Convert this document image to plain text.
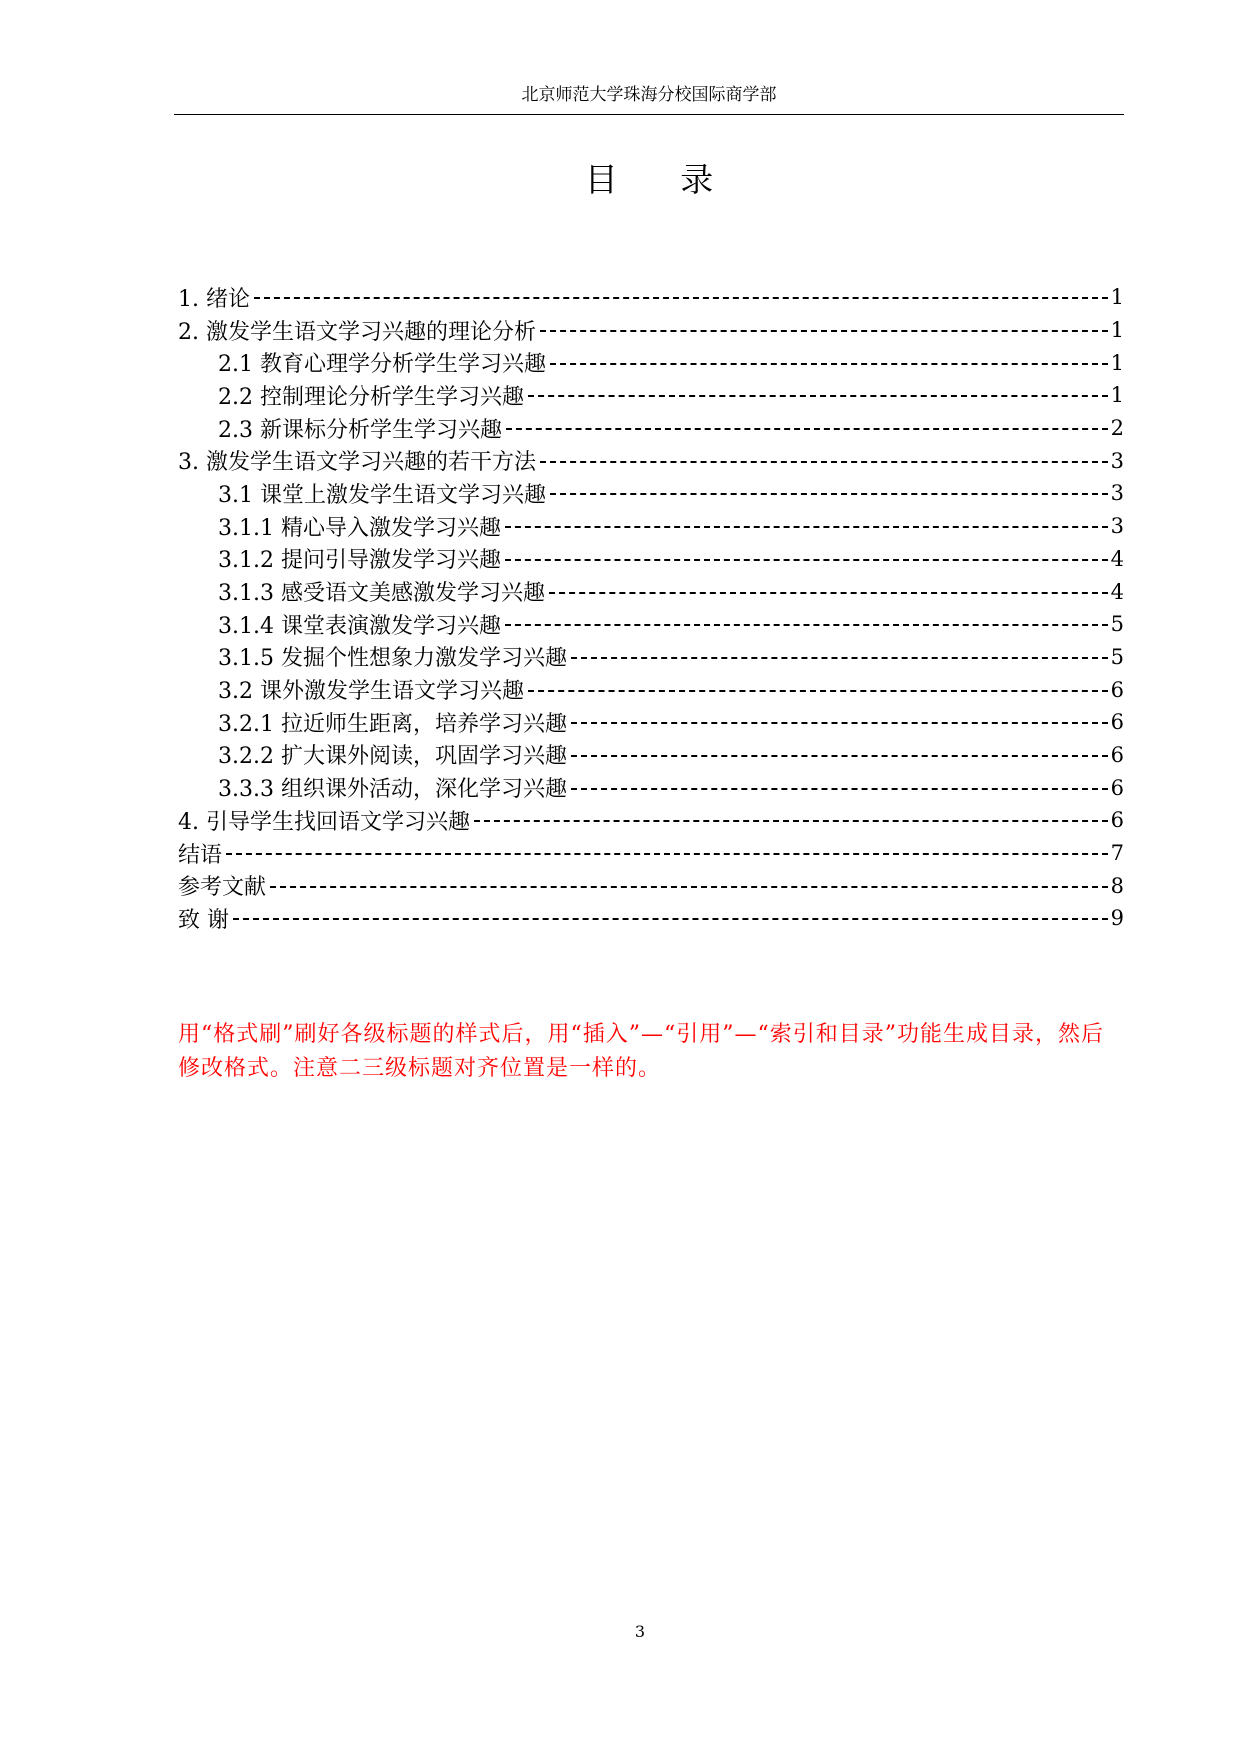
北京师范大学珠海分校国际商学部
目 录
1. 绪论	1
2. 激发学生语文学习兴趣的理论分析	1
2.1 教育心理学分析学生学习兴趣	1
2.2 控制理论分析学生学习兴趣	1
2.3 新课标分析学生学习兴趣	2
3. 激发学生语文学习兴趣的若干方法	3
3.1 课堂上激发学生语文学习兴趣	3
3.1.1 精心导入激发学习兴趣	3
3.1.2 提问引导激发学习兴趣	4
3.1.3 感受语文美感激发学习兴趣	4
3.1.4 课堂表演激发学习兴趣	5
3.1.5 发掘个性想象力激发学习兴趣	5
3.2 课外激发学生语文学习兴趣	6
3.2.1 拉近师生距离，培养学习兴趣	6
3.2.2 扩大课外阅读，巩固学习兴趣	6
3.3.3 组织课外活动，深化学习兴趣	6
4. 引导学生找回语文学习兴趣	6
结语	7
参考文献	8
致 谢	9
用“格式刷”刷好各级标题的样式后，用“插入”—“引用”—“索引和目录”功能生成目录，然后修改格式。注意二三级标题对齐位置是一样的。
3
